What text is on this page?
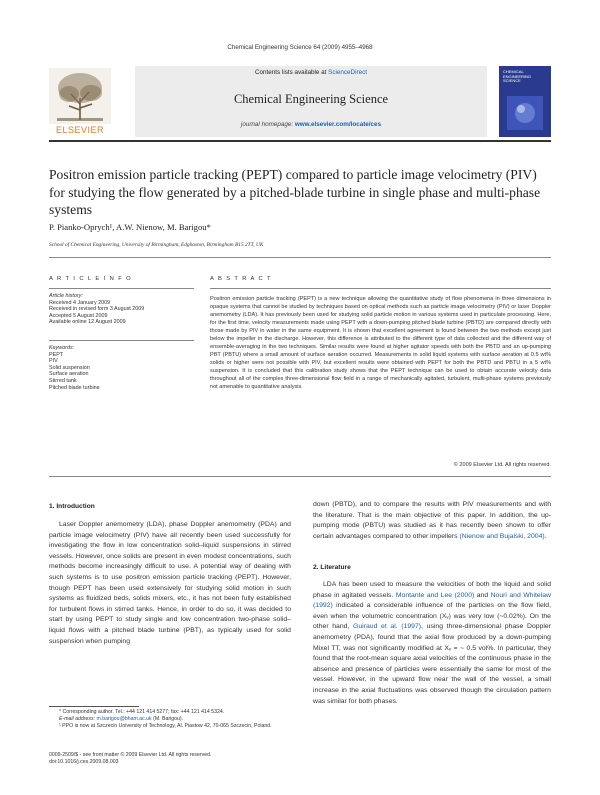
Chemical Engineering Science 64 (2009) 4955–4968
ELSEVIER
Contents lists available at ScienceDirect
Chemical Engineering Science
journal homepage: www.elsevier.com/locate/ces
CHEMICAL ENGINEERING SCIENCE
Positron emission particle tracking (PEPT) compared to particle image velocimetry (PIV) for studying the flow generated by a pitched-blade turbine in single phase and multi-phase systems
P. Pianko-Oprych¹, A.W. Nienow, M. Barigou*
School of Chemical Engineering, University of Birmingham, Edgbaston, Birmingham B15 2TT, UK
A R T I C L E I N F O
Article history:
Received 4 January 2009
Received in revised form 3 August 2009
Accepted 5 August 2009
Available online 12 August 2009
Keywords:
PEPT
PIV
Solid suspension
Surface aeration
Stirred tank
Pitched blade turbine
A B S T R A C T
Positron emission particle tracking (PEPT) is a new technique allowing the quantitative study of flow phenomena in three dimensions in opaque systems that cannot be studied by techniques based on optical methods such as particle image velocimetry (PIV) or laser Doppler anemometry (LDA). It has previously been used for studying solid particle motion in various systems used in particulate processing. Here, for the first time, velocity measurements made using PEPT with a down-pumping pitched blade turbine (PBTD) are compared directly with those made by PIV in water in the same equipment. It is shown that excellent agreement is found between the two methods except just below the impeller in the discharge. However, this difference is attributed to the different type of data collected and the different way of ensemble-averaging in the two techniques. Similar results were found at higher agitator speeds with both the PBTD and an up-pumping PBT (PBTU) where a small amount of surface aeration occurred. Measurements in solid liquid systems with surface aeration at 0.5 wt% solids or higher were not possible with PIV, but excellent results were obtained with PEPT for both the PBTD and PBTU in a 5 wt% suspension. It is concluded that this calibration study shows that the PEPT technique can be used to obtain accurate velocity data throughout all of the complex three-dimensional flow field in a range of mechanically agitated, turbulent, multi-phase systems previously not amenable to quantitative analysis.
© 2009 Elsevier Ltd. All rights reserved.
1. Introduction
Laser Doppler anemometry (LDA), phase Doppler anemometry (PDA) and particle image velocimetry (PIV) have all recently been used successfully for investigating the flow in low concentration solid–liquid suspensions in stirred vessels. However, once solids are present in even modest concentrations, such methods become increasingly difficult to use. A potential way of dealing with such systems is to use positron emission particle tracking (PEPT). However, though PEPT has been used extensively for studying solid motion in such systems as fluidized beds, solids mixers, etc., it has not been fully established for turbulent flows in stirred tanks. Hence, in order to do so, it was decided to start by using PEPT to study single and low concentration two-phase solid–liquid flows with a pitched blade turbine (PBT), as typically used for solid suspension when pumping
down (PBTD), and to compare the results with PIV measurements and with the literature. That is the main objective of this paper. In addition, the up-pumping mode (PBTU) was studied as it has recently been shown to offer certain advantages compared to other impellers (Nienow and Bujalski, 2004).
2. Literature
LDA has been used to measure the velocities of both the liquid and solid phase in agitated vessels. Montante and Lee (2000) and Nouri and Whitelaw (1992) indicated a considerable influence of the particles on the flow field, even when the volumetric concentration (Xᵥ) was very low (~0.02%). On the other hand, Guiraud et al. (1997), using three-dimensional phase Doppler anemometry (PDA), found that the axial flow produced by a down-pumping Mixel TT, was not significantly modified at Xᵥ = ~ 0.5 vol%. In particular, they found that the root-mean square axial velocities of the continuous phase in the absence and presence of particles were essentially the same for most of the vessel. However, in the upward flow near the wall of the vessel, a small increase in the axial fluctuations was observed though the circulation pattern was similar for both phases.
* Corresponding author. Tel.: +44 121 414 5277; fax: +44 121 414 5324.
E-mail address: m.barigou@bham.ac.uk (M. Barigou).
¹ PPO is now at Szczecin University of Technology, Al. Piastow 42, 70-065 Szczecin, Poland.
0009-2509/$ - see front matter © 2009 Elsevier Ltd. All rights reserved.
doi:10.1016/j.ces.2009.08.003
